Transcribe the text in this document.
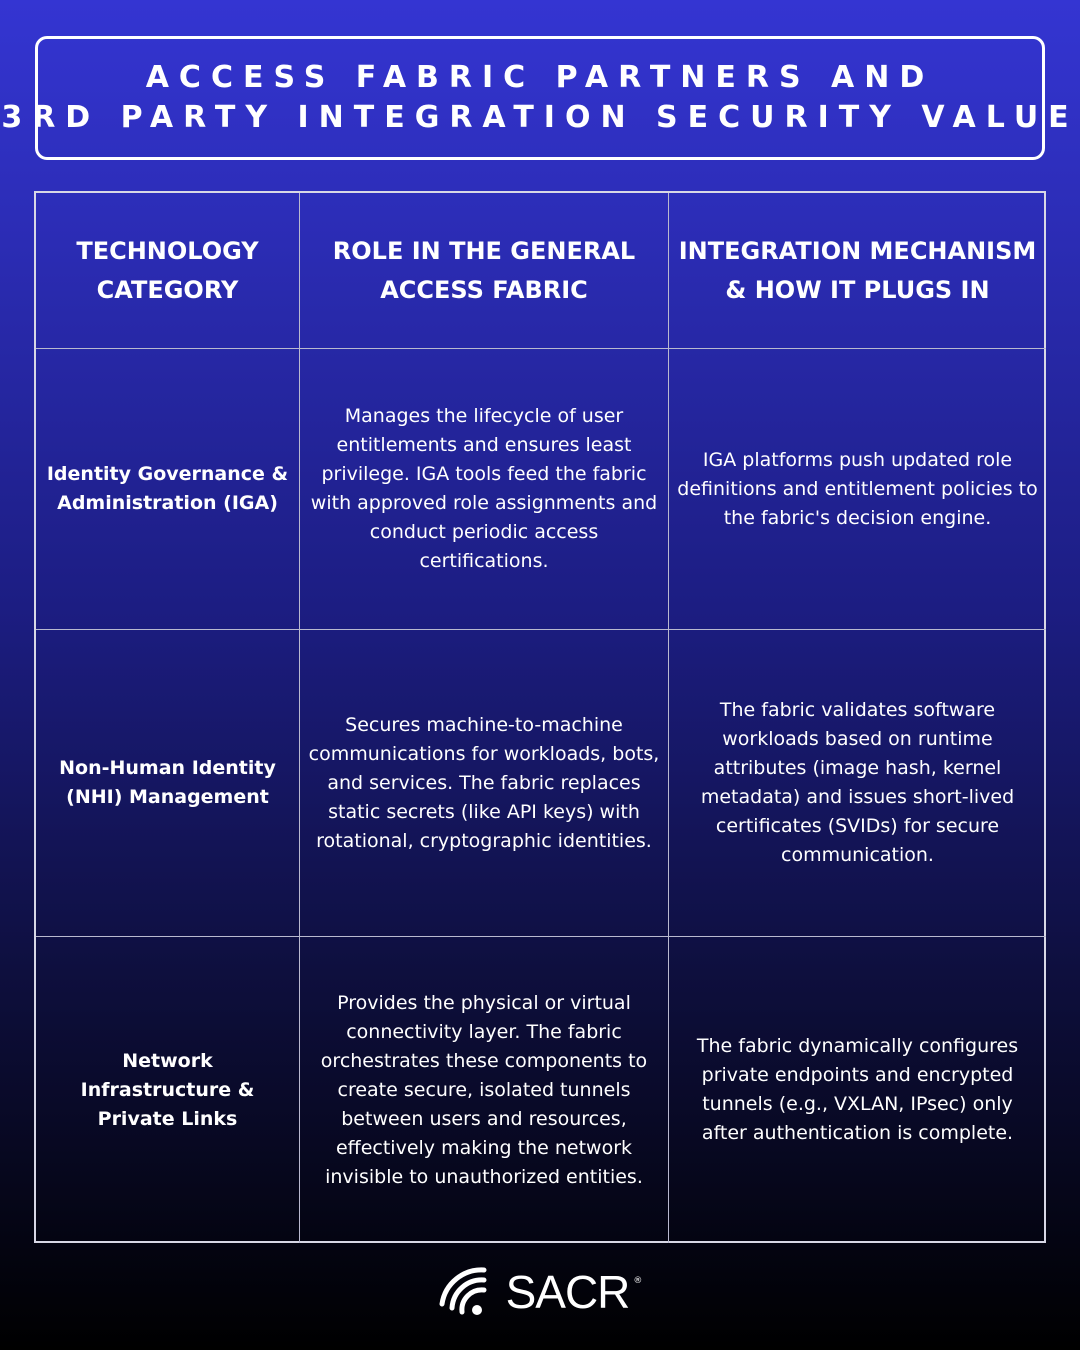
ACCESS FABRIC PARTNERS AND
3RD PARTY INTEGRATION SECURITY VALUE
TECHNOLOGY
CATEGORY
ROLE IN THE GENERAL
ACCESS FABRIC
INTEGRATION MECHANISM
& HOW IT PLUGS IN
Identity Governance & Administration (IGA)
Manages the lifecycle of user entitlements and ensures least privilege. IGA tools feed the fabric with approved role assignments and conduct periodic access certifications.
IGA platforms push updated role definitions and entitlement policies to the fabric's decision engine.
Non-Human Identity (NHI) Management
Secures machine-to-machine communications for workloads, bots, and services. The fabric replaces static secrets (like API keys) with rotational, cryptographic identities.
The fabric validates software workloads based on runtime attributes (image hash, kernel metadata) and issues short-lived certificates (SVIDs) for secure communication.
Network Infrastructure & Private Links
Provides the physical or virtual connectivity layer. The fabric orchestrates these components to create secure, isolated tunnels between users and resources, effectively making the network invisible to unauthorized entities.
The fabric dynamically configures private endpoints and encrypted tunnels (e.g., VXLAN, IPsec) only after authentication is complete.
SACR ®
